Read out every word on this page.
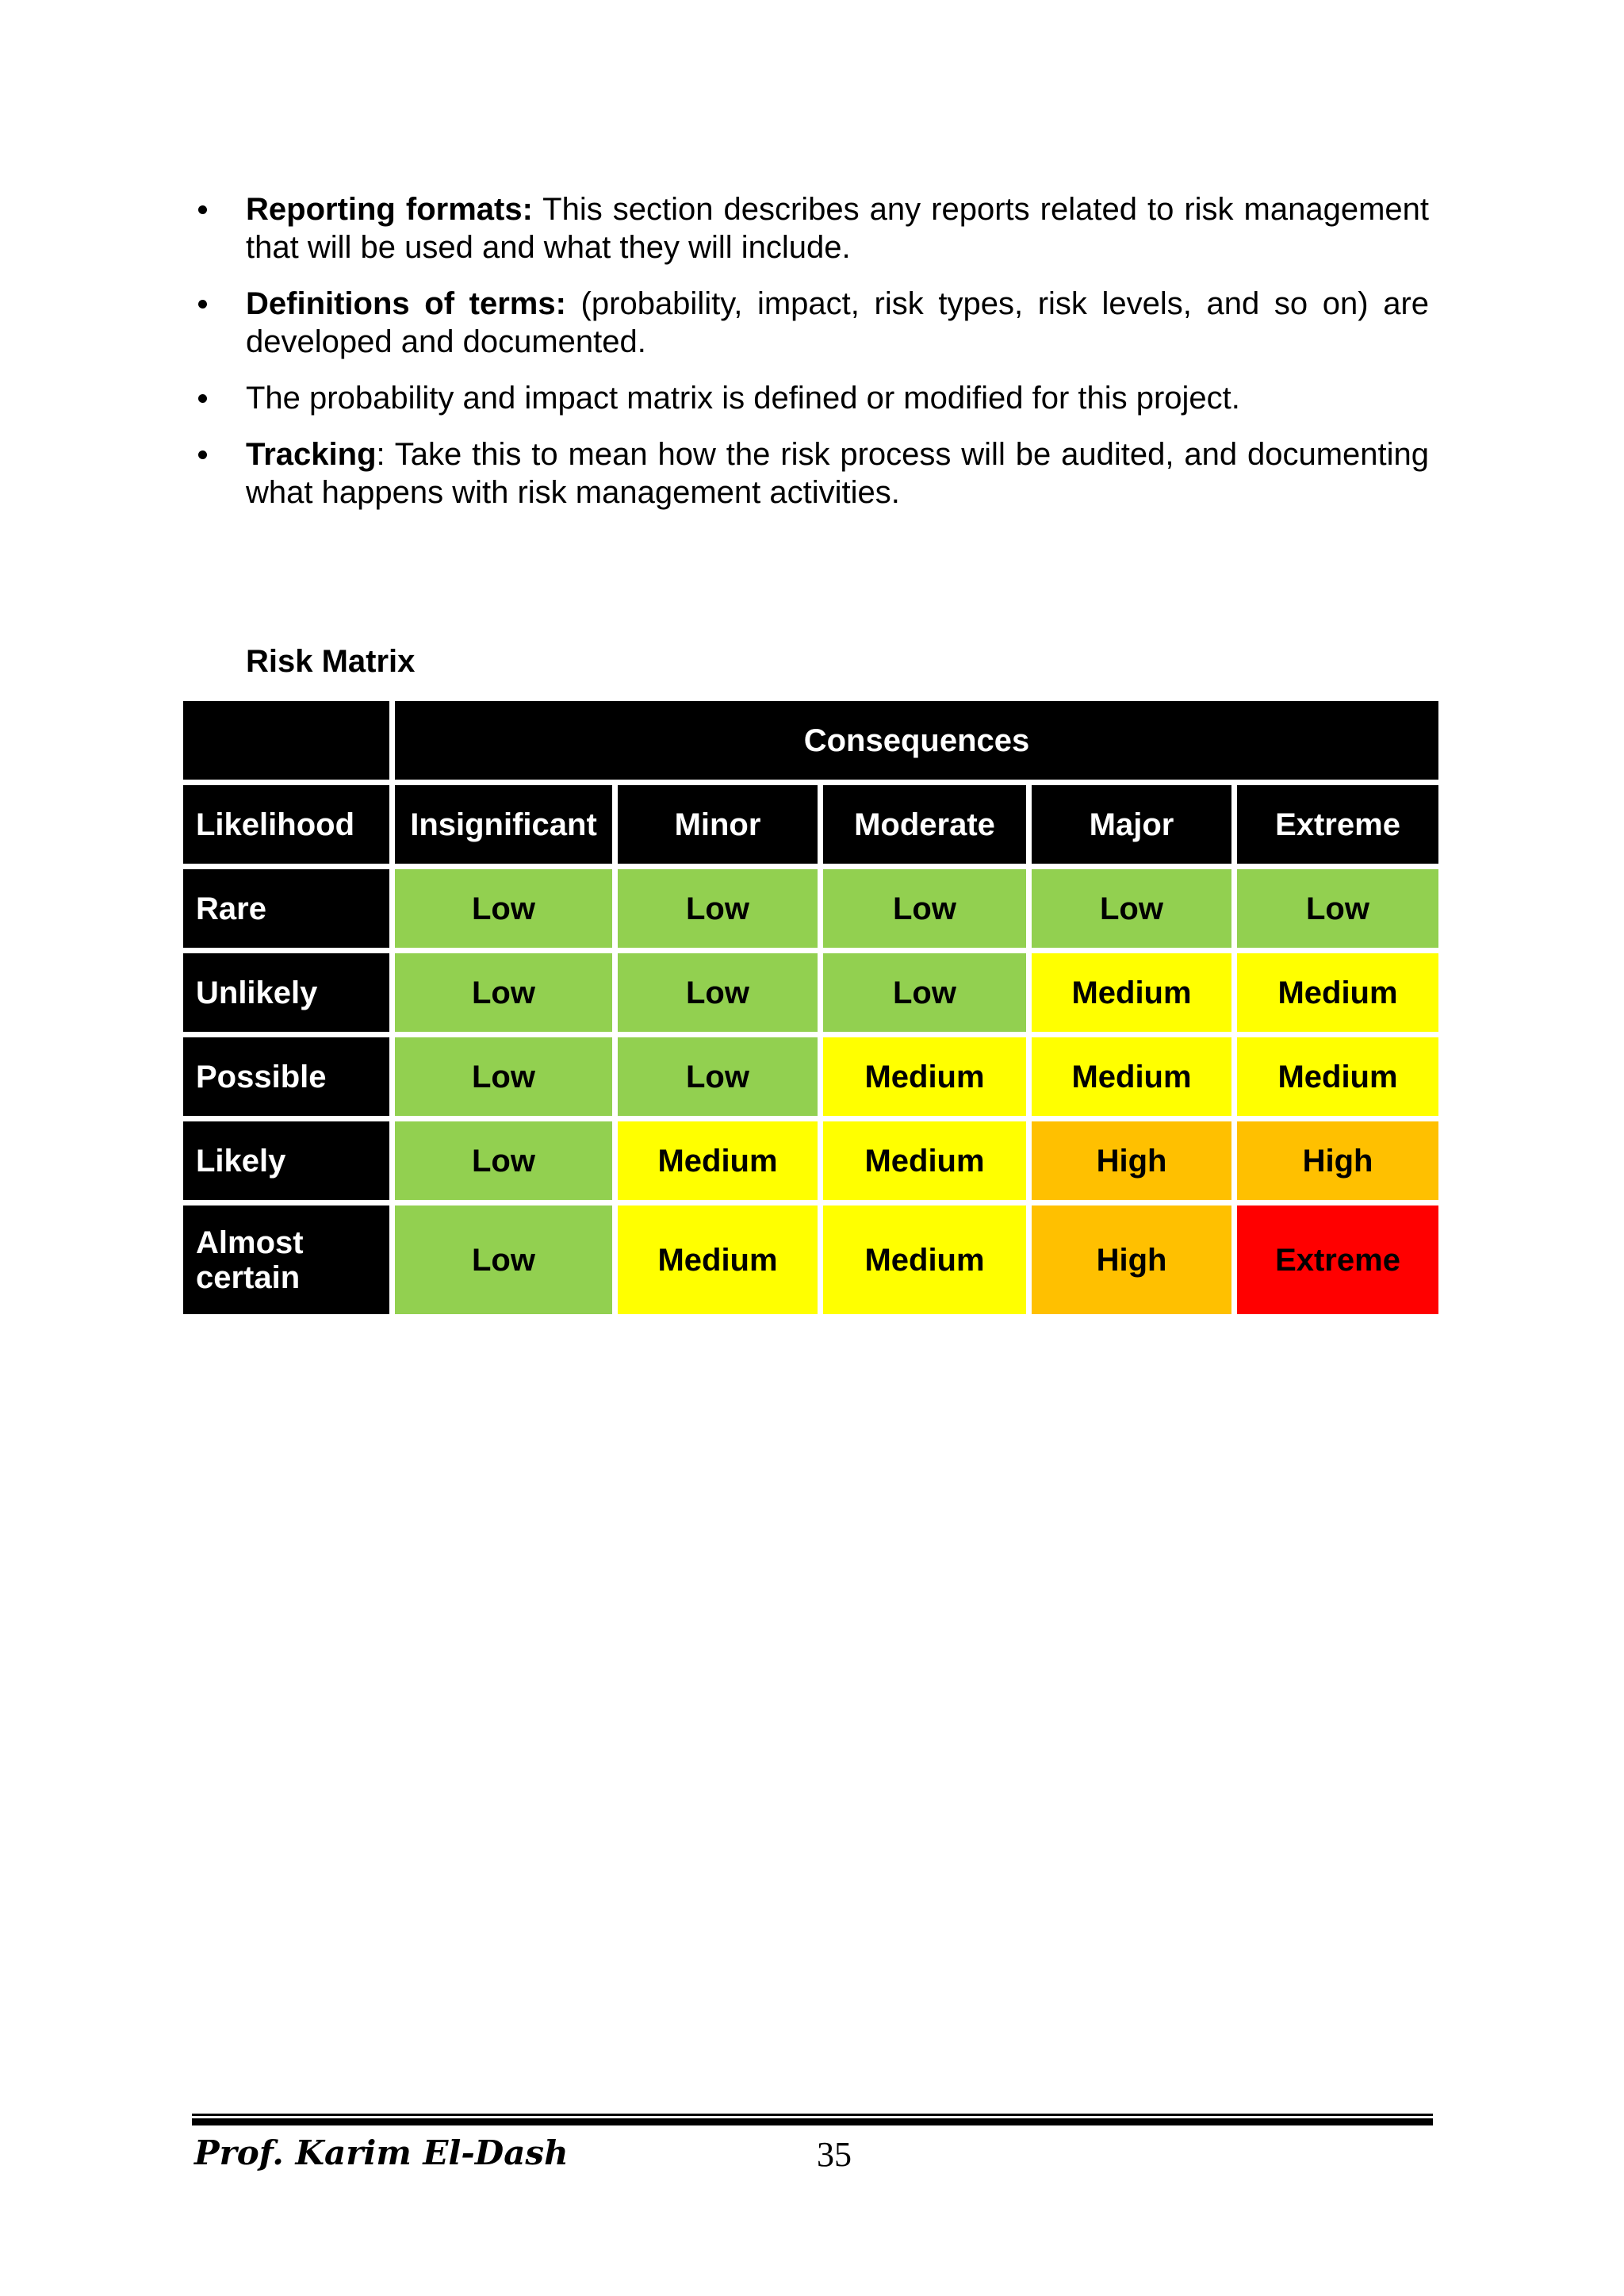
Reporting formats: This section describes any reports related to risk management that will be used and what they will include.
Definitions of terms: (probability, impact, risk types, risk levels, and so on) are developed and documented.
The probability and impact matrix is defined or modified for this project.
Tracking: Take this to mean how the risk process will be audited, and documenting what happens with risk management activities.
Risk Matrix
	Consequences				
Likelihood	Insignificant	Minor	Moderate	Major	Extreme
Rare	Low	Low	Low	Low	Low
Unlikely	Low	Low	Low	Medium	Medium
Possible	Low	Low	Medium	Medium	Medium
Likely	Low	Medium	Medium	High	High
Almost certain	Low	Medium	Medium	High	Extreme
Prof. Karim El-Dash	35
